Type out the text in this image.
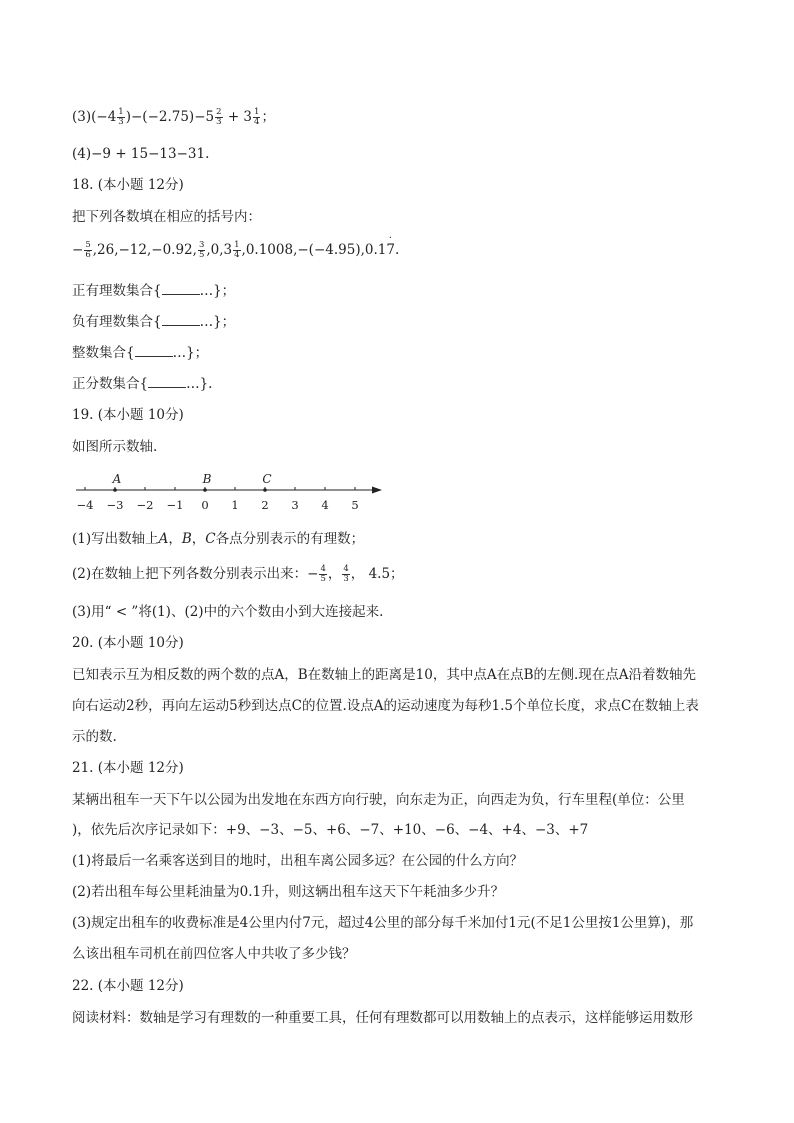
$(3)(-4 \frac{1}{3} )-(-2.75)-5 \frac{2}{3} + 3 \frac{1}{4}$ ；
(4)−9 + 15−13−31.
18. (本小题 12分)
把下列各数填在相应的括号内：
− $\frac{5}{6} ,26,-12,-0.92$, $\frac{3}{5} ,0,3 \frac{1}{4} ,0.1008,-(-4.95),0.17$ ˙.
正有理数集合{	…}；
负有理数集合{	…}；
整数集合{	…}；
正分数集合{	…}.
19. (本小题 10分)
如图所示数轴.
−4 −3 −2 −1 0 1 2 3 4 5
A	B	C
(1)写出数轴上A，B，C各点分别表示的有理数；
(2)在数轴上把下列各数分别表示出来：− $\frac{4}{5}$ ， $\frac{4}{3}$ ， 4.5；
(3)用“ < ”将(1)、(2)中的六个数由小到大连接起来.
20. (本小题 10分)
已知表示互为相反数的两个数的点A，B在数轴上的距离是10，其中点A在点B的左侧.现在点A沿着数轴先
向右运动2秒，再向左运动5秒到达点C的位置.设点A的运动速度为每秒1.5个单位长度，求点C在数轴上表
示的数.
21. (本小题 12分)
某辆出租车一天下午以公园为出发地在东西方向行驶，向东走为正，向西走为负，行车里程(单位：公里
)，依先后次序记录如下：+9、−3、−5、+6、−7、+10、−6、−4、+4、−3、+7
(1)将最后一名乘客送到目的地时，出租车离公园多远？在公园的什么方向？
(2)若出租车每公里耗油量为0.1升，则这辆出租车这天下午耗油多少升？
(3)规定出租车的收费标准是4公里内付7元，超过4公里的部分每千米加付1元(不足1公里按1公里算)，那
么该出租车司机在前四位客人中共收了多少钱？
22. (本小题 12分)
阅读材料：数轴是学习有理数的一种重要工具，任何有理数都可以用数轴上的点表示，这样能够运用数形
